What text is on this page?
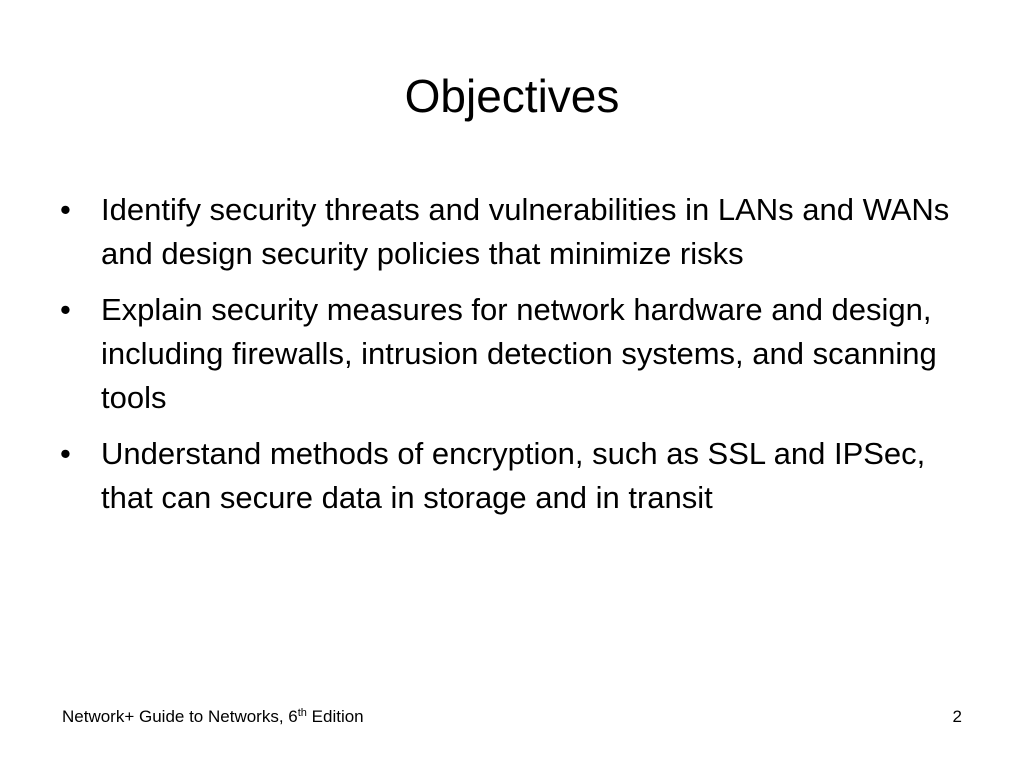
Objectives
• Identify security threats and vulnerabilities in LANs and WANs and design security policies that minimize risks
• Explain security measures for network hardware and design, including firewalls, intrusion detection systems, and scanning tools
• Understand methods of encryption, such as SSL and IPSec, that can secure data in storage and in transit
Network+ Guide to Networks, 6th Edition	2
